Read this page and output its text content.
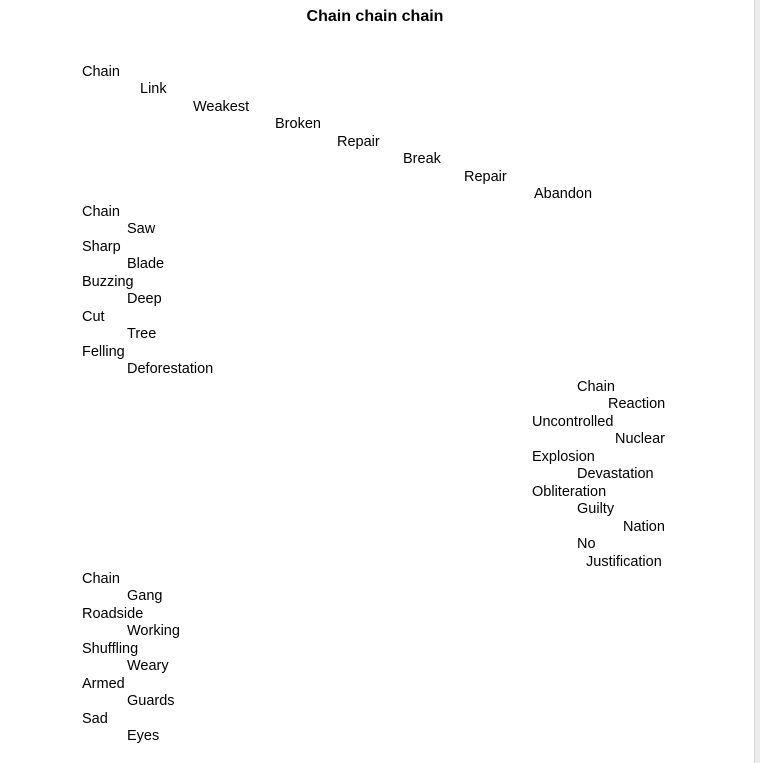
Chain chain chain
Chain
Link
Weakest
Broken
Repair
Break
Repair
Abandon
Chain
Saw
Sharp
Blade
Buzzing
Deep
Cut
Tree
Felling
Deforestation
Chain
Reaction
Uncontrolled
Nuclear
Explosion
Devastation
Obliteration
Guilty
Nation
No
Justification
Chain
Gang
Roadside
Working
Shuffling
Weary
Armed
Guards
Sad
Eyes
